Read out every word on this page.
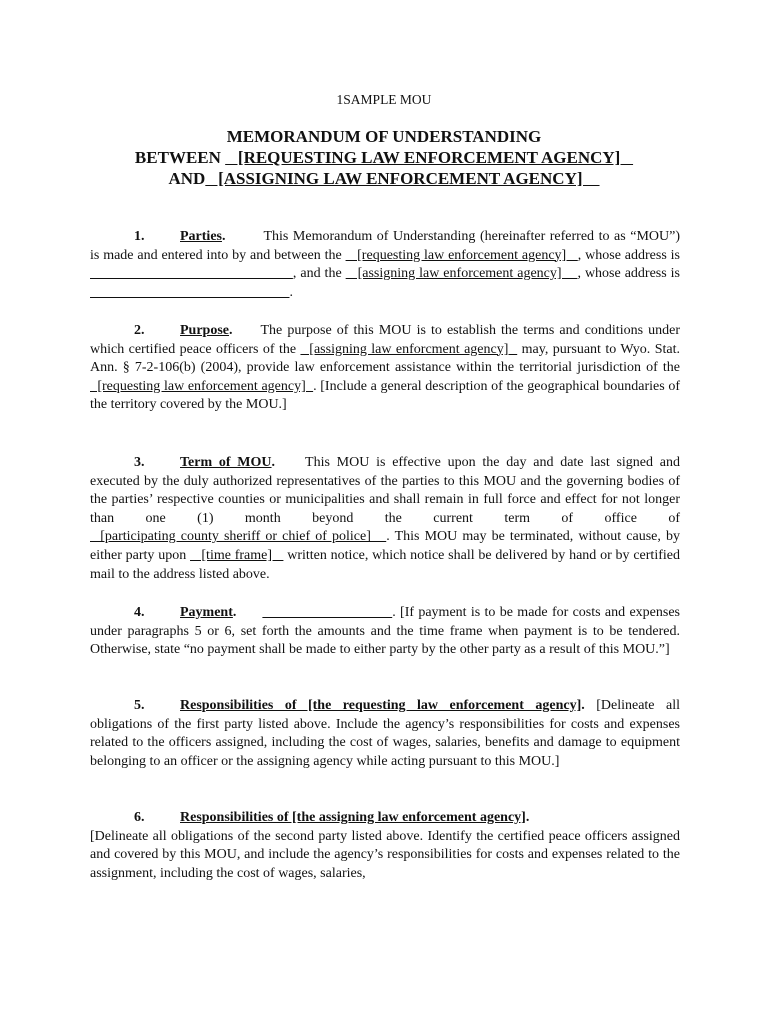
1SAMPLE MOU
MEMORANDUM OF UNDERSTANDING
BETWEEN    [REQUESTING LAW ENFORCEMENT AGENCY]
AND   [ASSIGNING LAW ENFORCEMENT AGENCY]

1.	Parties.	This Memorandum of Understanding (hereinafter referred to as “MOU”) is made and entered into by and between the    [requesting law enforcement agency]   , whose address is                                                    , and the    [assigning law enforcement agency]    , whose address is                                                          .

2.	Purpose. The purpose of this MOU is to establish the terms and conditions under which certified peace officers of the   [assigning law enforcment agency]   may, pursuant to Wyo. Stat. Ann. § 7-2-106(b) (2004), provide law enforcement assistance within the territorial jurisdiction of the   [requesting law enforcement agency]  . [Include a general description of the geographical boundaries of the territory covered by the MOU.]

3.	Term of MOU. This MOU is effective upon the day and date last signed and executed by the duly authorized representatives of the parties to this MOU and the governing bodies of the parties’ respective counties or municipalities and shall remain in full force and effect for not longer than one (1) month beyond the current term of office of   [participating county sheriff or chief of police]   . This MOU may be terminated, without cause, by either party upon    [time frame]    written notice, which notice shall be delivered by hand or by certified mail to the address listed above.

4.	Payment.	. [If payment is to be made for costs and expenses under paragraphs 5 or 6, set forth the amounts and the time frame when payment is to be tendered. Otherwise, state “no payment shall be made to either party by the other party as a result of this MOU.”]

5.	Responsibilities of [the requesting law enforcement agency]. [Delineate all obligations of the first party listed above. Include the agency’s responsibilities for costs and expenses related to the officers assigned, including the cost of wages, salaries, benefits and damage to equipment belonging to an officer or the assigning agency while acting pursuant to this MOU.]

6.	Responsibilities of [the assigning law enforcement agency].
[Delineate all obligations of the second party listed above. Identify the certified peace officers assigned and covered by this MOU, and include the agency’s responsibilities for costs and expenses related to the assignment, including the cost of wages, salaries,
